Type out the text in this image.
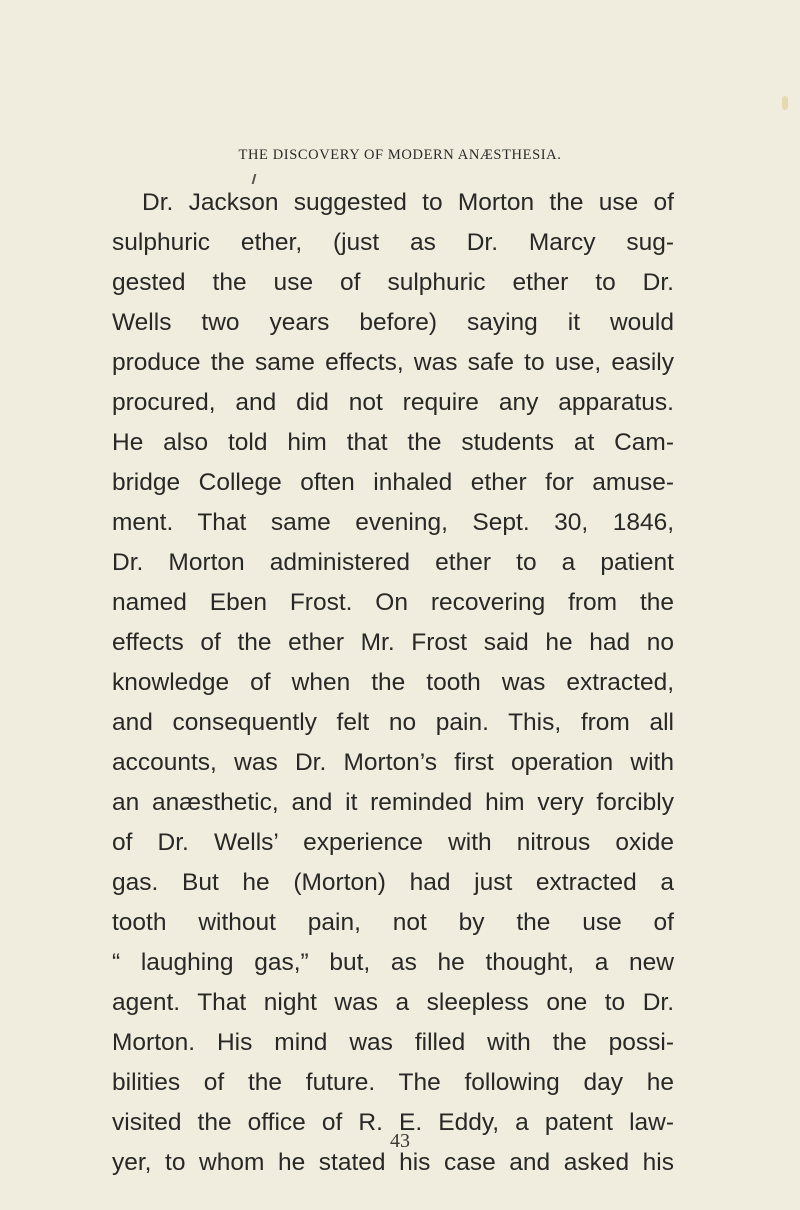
THE DISCOVERY OF MODERN ANÆSTHESIA.
Dr. Jackson suggested to Morton the use of
sulphuric ether, (just as Dr. Marcy sug-
gested the use of sulphuric ether to Dr.
Wells two years before) saying it would
produce the same effects, was safe to use, easily
procured, and did not require any apparatus.
He also told him that the students at Cam-
bridge College often inhaled ether for amuse-
ment. That same evening, Sept. 30, 1846,
Dr. Morton administered ether to a patient
named Eben Frost. On recovering from the
effects of the ether Mr. Frost said he had no
knowledge of when the tooth was extracted,
and consequently felt no pain. This, from all
accounts, was Dr. Morton’s first operation with
an anæsthetic, and it reminded him very forcibly
of Dr. Wells’ experience with nitrous oxide
gas. But he (Morton) had just extracted a
tooth without pain, not by the use of
“ laughing gas,” but, as he thought, a new
agent. That night was a sleepless one to Dr.
Morton. His mind was filled with the possi-
bilities of the future. The following day he
visited the office of R. E. Eddy, a patent law-
yer, to whom he stated his case and asked his
43
